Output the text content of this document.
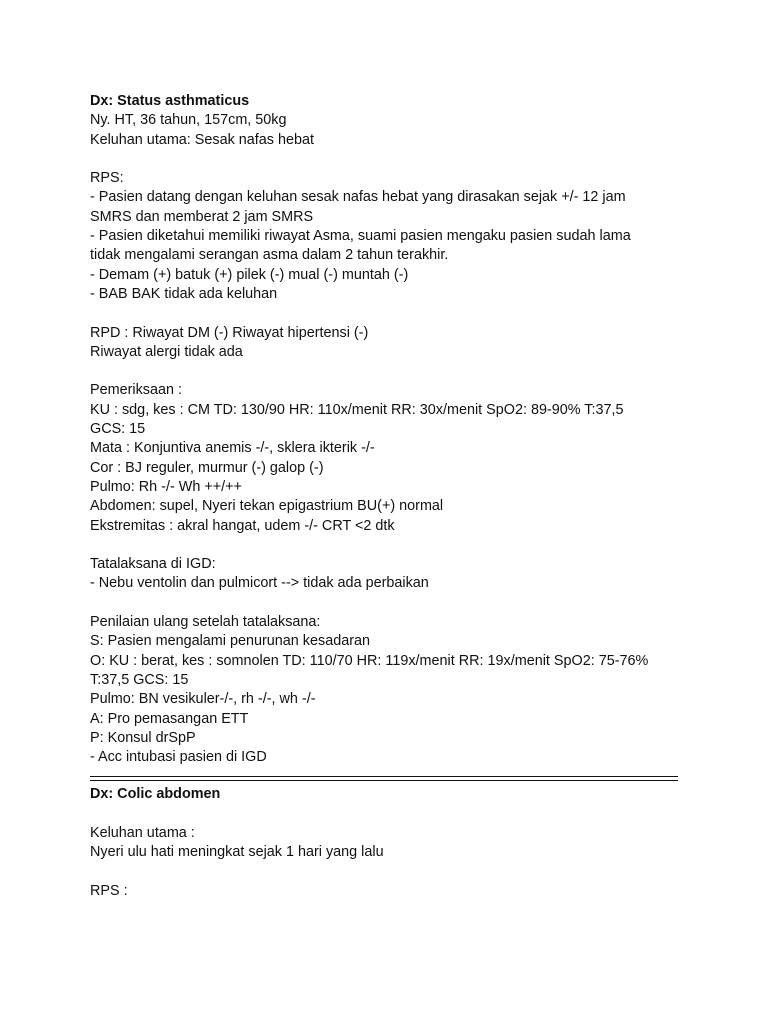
Dx: Status asthmaticus
Ny. HT, 36 tahun, 157cm, 50kg
Keluhan utama: Sesak nafas hebat
RPS:
- Pasien datang dengan keluhan sesak nafas hebat yang dirasakan sejak +/- 12 jam
SMRS dan memberat 2 jam SMRS
- Pasien diketahui memiliki riwayat Asma, suami pasien mengaku pasien sudah lama
tidak mengalami serangan asma dalam 2 tahun terakhir.
- Demam (+) batuk (+) pilek (-) mual (-) muntah (-)
- BAB BAK tidak ada keluhan
RPD : Riwayat DM (-) Riwayat hipertensi (-)
Riwayat alergi tidak ada
Pemeriksaan :
KU : sdg, kes : CM TD: 130/90 HR: 110x/menit RR: 30x/menit SpO2: 89-90% T:37,5
GCS: 15
Mata : Konjuntiva anemis -/-, sklera ikterik -/-
Cor : BJ reguler, murmur (-) galop (-)
Pulmo: Rh -/- Wh ++/++
Abdomen: supel, Nyeri tekan epigastrium BU(+) normal
Ekstremitas : akral hangat, udem -/- CRT <2 dtk
Tatalaksana di IGD:
- Nebu ventolin dan pulmicort --> tidak ada perbaikan
Penilaian ulang setelah tatalaksana:
S: Pasien mengalami penurunan kesadaran
O: KU : berat, kes : somnolen TD: 110/70 HR: 119x/menit RR: 19x/menit SpO2: 75-76%
T:37,5 GCS: 15
Pulmo: BN vesikuler-/-, rh -/-, wh -/-
A: Pro pemasangan ETT
P: Konsul drSpP
- Acc intubasi pasien di IGD
Dx: Colic abdomen
Keluhan utama :
Nyeri ulu hati meningkat sejak 1 hari yang lalu
RPS :
